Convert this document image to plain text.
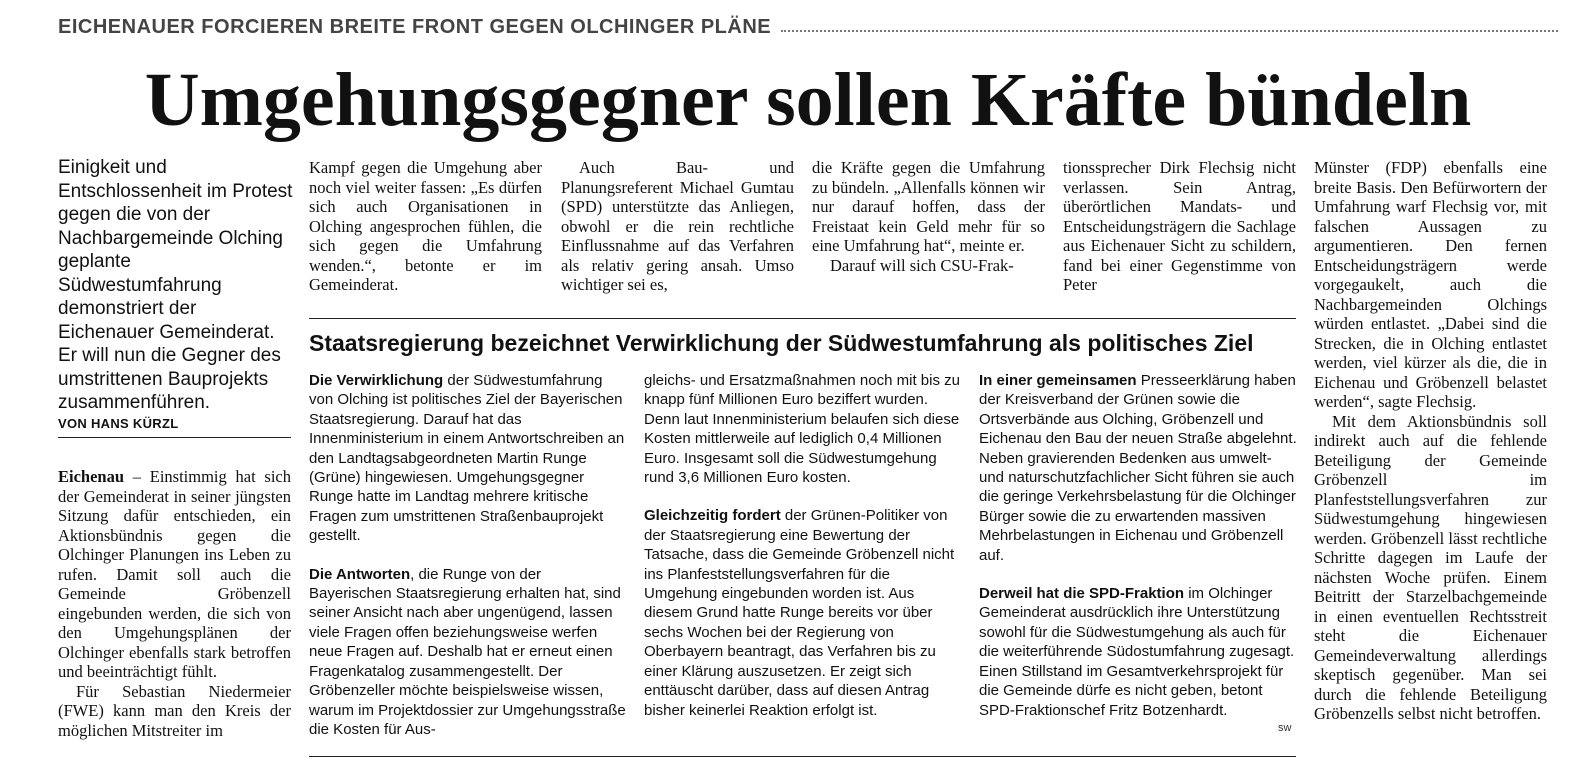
EICHENAUER FORCIEREN BREITE FRONT GEGEN OLCHINGER PLÄNE
Umgehungsgegner sollen Kräfte bündeln
Einigkeit und Entschlossenheit im Protest gegen die von der Nachbargemeinde Olching geplante Südwestumfahrung demonstriert der Eichenauer Gemeinderat. Er will nun die Gegner des umstrittenen Bauprojekts zusammenführen.
VON HANS KÜRZL

Eichenau – Einstimmig hat sich der Gemeinderat in seiner jüngsten Sitzung dafür entschieden, ein Aktionsbündnis gegen die Olchinger Planungen ins Leben zu rufen. Damit soll auch die Gemeinde Gröbenzell eingebunden werden, die sich von den Umgehungsplänen der Olchinger ebenfalls stark betroffen und beeinträchtigt fühlt.

Für Sebastian Niedermeier (FWE) kann man den Kreis der möglichen Mitstreiter im

Kampf gegen die Umgehung aber noch viel weiter fassen: „Es dürfen sich auch Organisationen in Olching angesprochen fühlen, die sich gegen die Umfahrung wenden.“, betonte er im Gemeinderat.

Auch Bau- und Planungsreferent Michael Gumtau (SPD) unterstützte das Anliegen, obwohl er die rein rechtliche Einflussnahme auf das Verfahren als relativ gering ansah. Umso wichtiger sei es,

die Kräfte gegen die Umfahrung zu bündeln. „Allenfalls können wir nur darauf hoffen, dass der Freistaat kein Geld mehr für so eine Umfahrung hat“, meinte er.

Darauf will sich CSU-Frak-

tionssprecher Dirk Flechsig nicht verlassen. Sein Antrag, überörtlichen Mandats- und Entscheidungsträgern die Sachlage aus Eichenauer Sicht zu schildern, fand bei einer Gegenstimme von Peter

Münster (FDP) ebenfalls eine breite Basis. Den Befürwortern der Umfahrung warf Flechsig vor, mit falschen Aussagen zu argumentieren. Den fernen Entscheidungsträgern werde vorgegaukelt, auch die Nachbargemeinden Olchings würden entlastet. „Dabei sind die Strecken, die in Olching entlastet werden, viel kürzer als die, die in Eichenau und Gröbenzell belastet werden“, sagte Flechsig.

Mit dem Aktionsbündnis soll indirekt auch auf die fehlende Beteiligung der Gemeinde Gröbenzell im Planfeststellungsverfahren zur Südwestumgehung hingewiesen werden. Gröbenzell lässt rechtliche Schritte dagegen im Laufe der nächsten Woche prüfen. Einem Beitritt der Starzelbachgemeinde in einen eventuellen Rechtsstreit steht die Eichenauer Gemeindeverwaltung allerdings skeptisch gegenüber. Man sei durch die fehlende Beteiligung Gröbenzells selbst nicht betroffen.

Staatsregierung bezeichnet Verwirklichung der Südwestumfahrung als politisches Ziel

Die Verwirklichung der Südwestumfahrung von Olching ist politisches Ziel der Bayerischen Staatsregierung. Darauf hat das Innenministerium in einem Antwortschreiben an den Landtagsabgeordneten Martin Runge (Grüne) hingewiesen. Umgehungsgegner Runge hatte im Landtag mehrere kritische Fragen zum umstrittenen Straßenbauprojekt gestellt.

Die Antworten, die Runge von der Bayerischen Staatsregierung erhalten hat, sind seiner Ansicht nach aber ungenügend, lassen viele Fragen offen beziehungsweise werfen neue Fragen auf. Deshalb hat er erneut einen Fragenkatalog zusammengestellt. Der Gröbenzeller möchte beispielsweise wissen, warum im Projektdossier zur Umgehungsstraße die Kosten für Aus-

gleichs- und Ersatzmaßnahmen noch mit bis zu knapp fünf Millionen Euro beziffert wurden. Denn laut Innenministerium belaufen sich diese Kosten mittlerweile auf lediglich 0,4 Millionen Euro. Insgesamt soll die Südwestumgehung rund 3,6 Millionen Euro kosten.

Gleichzeitig fordert der Grünen-Politiker von der Staatsregierung eine Bewertung der Tatsache, dass die Gemeinde Gröbenzell nicht ins Planfeststellungsverfahren für die Umgehung eingebunden worden ist. Aus diesem Grund hatte Runge bereits vor über sechs Wochen bei der Regierung von Oberbayern beantragt, das Verfahren bis zu einer Klärung auszusetzen. Er zeigt sich enttäuscht darüber, dass auf diesen Antrag bisher keinerlei Reaktion erfolgt ist.

In einer gemeinsamen Presseerklärung haben der Kreisverband der Grünen sowie die Ortsverbände aus Olching, Gröbenzell und Eichenau den Bau der neuen Straße abgelehnt. Neben gravierenden Bedenken aus umwelt- und naturschutzfachlicher Sicht führen sie auch die geringe Verkehrsbelastung für die Olchinger Bürger sowie die zu erwartenden massiven Mehrbelastungen in Eichenau und Gröbenzell auf.

Derweil hat die SPD-Fraktion im Olchinger Gemeinderat ausdrücklich ihre Unterstützung sowohl für die Südwestumgehung als auch für die weiterführende Südostumfahrung zugesagt. Einen Stillstand im Gesamtverkehrsprojekt für die Gemeinde dürfe es nicht geben, betont SPD-Fraktionschef Fritz Botzenhardt.

sw
